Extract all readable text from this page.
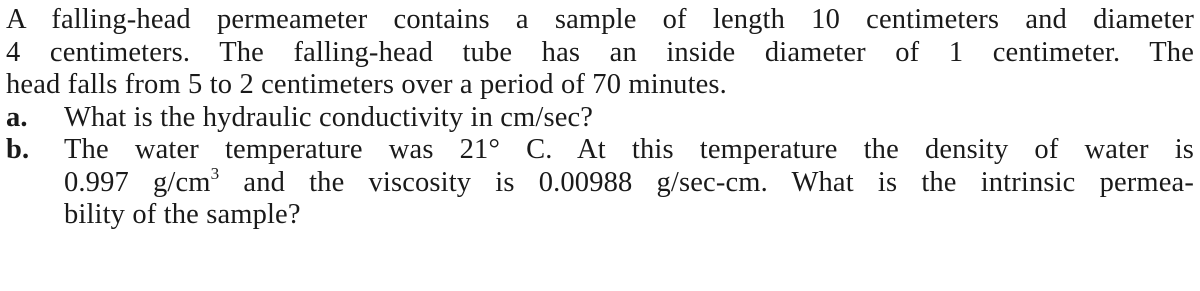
A falling-head permeameter contains a sample of length 10 centimeters and diameter
4 centimeters. The falling-head tube has an inside diameter of 1 centimeter. The
head falls from 5 to 2 centimeters over a period of 70 minutes.
a.	What is the hydraulic conductivity in cm/sec?
b.	The water temperature was 21° C. At this temperature the density of water is
0.997 $g/cm^3$ and the viscosity is 0.00988 g/sec-cm. What is the intrinsic permea-
bility of the sample?
